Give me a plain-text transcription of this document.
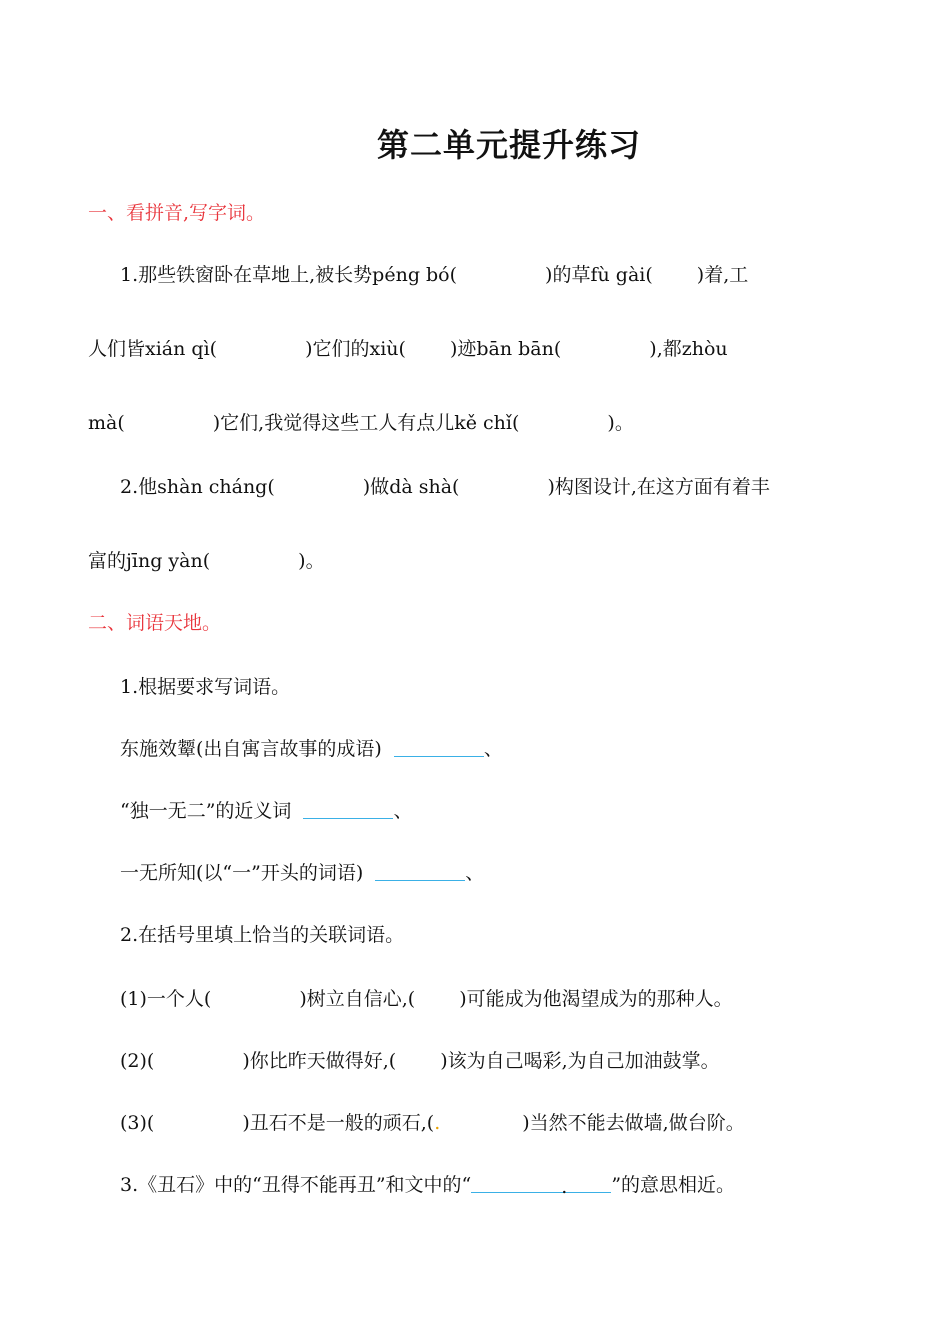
第二单元提升练习
一、看拼音,写字词。
1.那些铁窗卧在草地上,被长势péng bó(	)的草fù gài( )着,工
人们皆xián qì(	)它们的xiù( )迹bān bān(	),都zhòu
mà(	)它们,我觉得这些工人有点儿kě chǐ(	)。
2.他shàn cháng(	)做dà shà(	)构图设计,在这方面有着丰
富的jīng yàn(	)。
二、词语天地。
1.根据要求写词语。
东施效颦(出自寓言故事的成语)	、
“独一无二”的近义词	、
一无所知(以“一”开头的词语)	、
2.在括号里填上恰当的关联词语。
(1)一个人(	)树立自信心,( )可能成为他渴望成为的那种人。
(2)(	)你比昨天做得好,( )该为自己喝彩,为自己加油鼓掌。
(3)(	)丑石不是一般的顽石,(.	)当然不能去做墙,做台阶。
3.《丑石》中的“丑得不能再丑”和文中的“	. ”的意思相近。
